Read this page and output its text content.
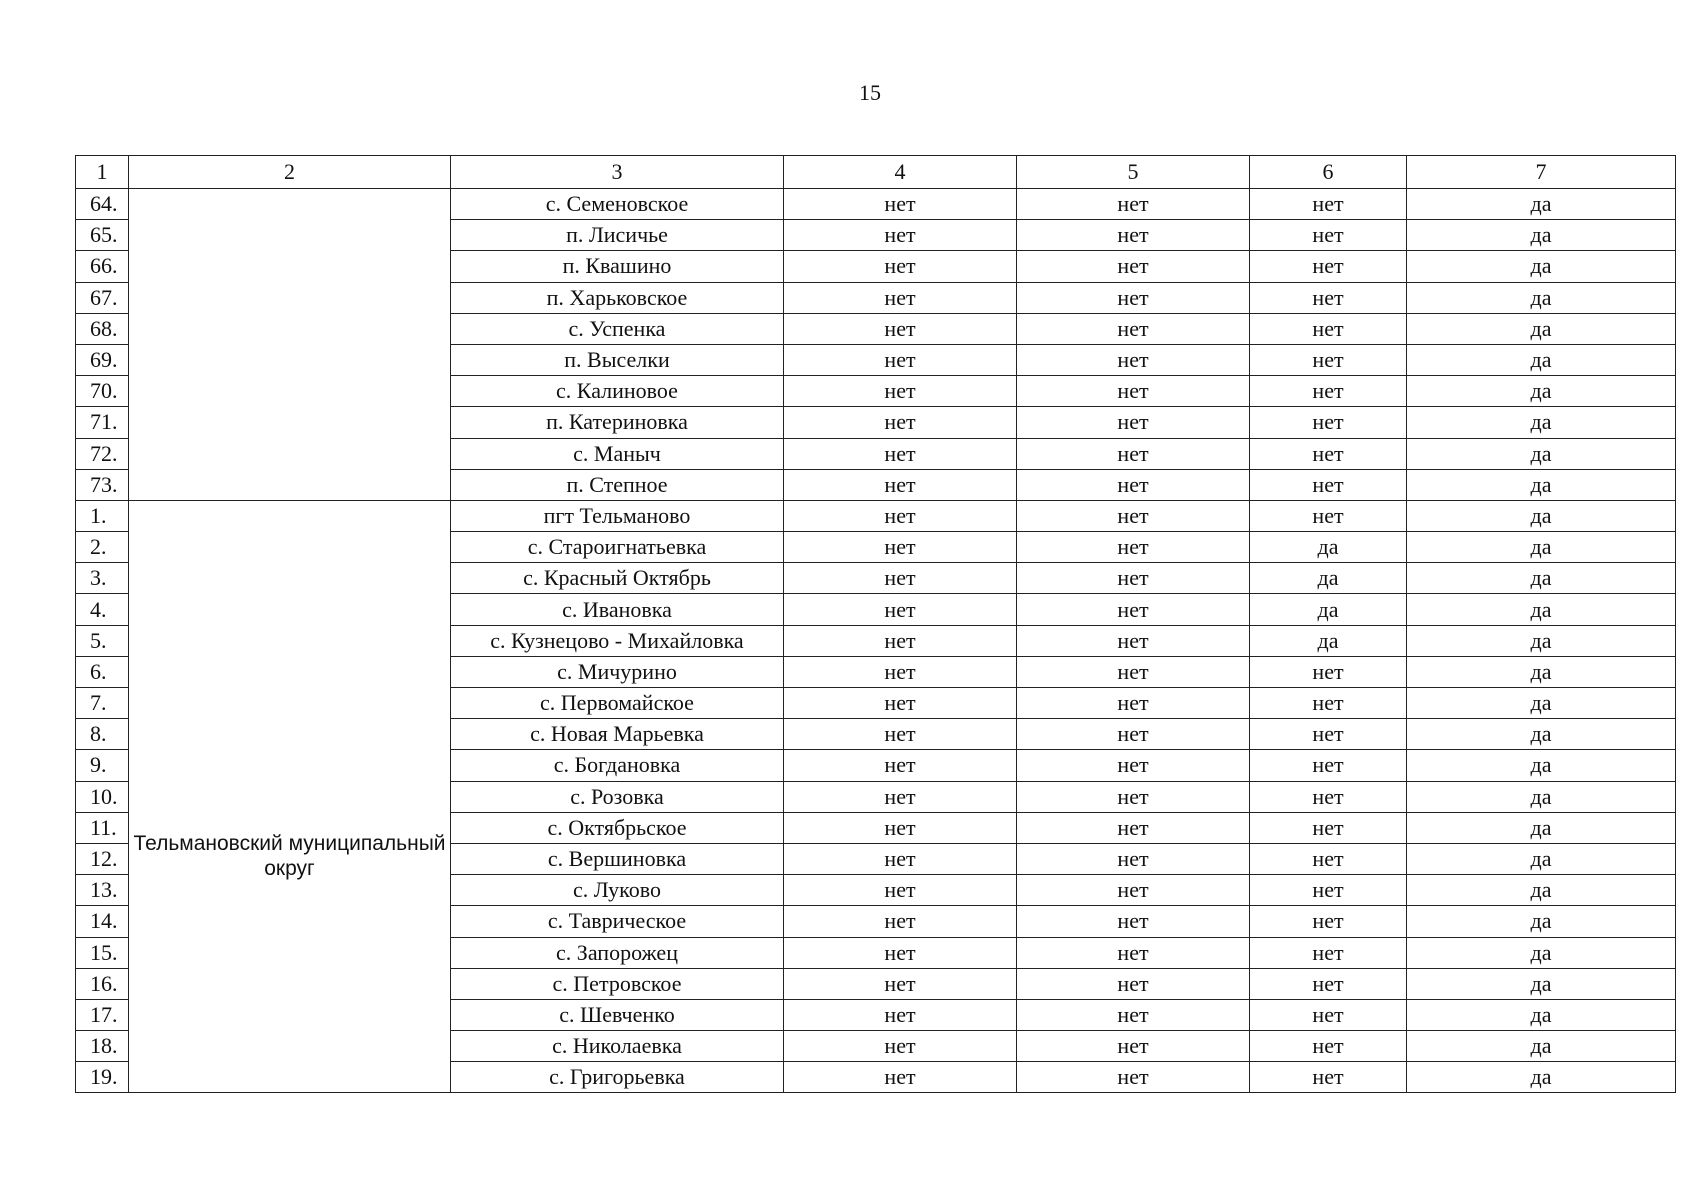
15
1	2	3	4	5	6	7
64.		с. Семеновское	нет	нет	нет	да
65.		п. Лисичье	нет	нет	нет	да
66.		п. Квашино	нет	нет	нет	да
67.		п. Харьковское	нет	нет	нет	да
68.		с. Успенка	нет	нет	нет	да
69.		п. Выселки	нет	нет	нет	да
70.		с. Калиновое	нет	нет	нет	да
71.		п. Катериновка	нет	нет	нет	да
72.		с. Маныч	нет	нет	нет	да
73.		п. Степное	нет	нет	нет	да
1.	Тельмановский муниципальный округ	пгт Тельманово	нет	нет	нет	да
2.		с. Староигнатьевка	нет	нет	да	да
3.		с. Красный Октябрь	нет	нет	да	да
4.		с. Ивановка	нет	нет	да	да
5.		с. Кузнецово - Михайловка	нет	нет	да	да
6.		с. Мичурино	нет	нет	нет	да
7.		с. Первомайское	нет	нет	нет	да
8.		с. Новая Марьевка	нет	нет	нет	да
9.		с. Богдановка	нет	нет	нет	да
10.		с. Розовка	нет	нет	нет	да
11.		с. Октябрьское	нет	нет	нет	да
12.		с. Вершиновка	нет	нет	нет	да
13.		с. Луково	нет	нет	нет	да
14.		с. Таврическое	нет	нет	нет	да
15.		с. Запорожец	нет	нет	нет	да
16.		с. Петровское	нет	нет	нет	да
17.		с. Шевченко	нет	нет	нет	да
18.		с. Николаевка	нет	нет	нет	да
19.		с. Григорьевка	нет	нет	нет	да
